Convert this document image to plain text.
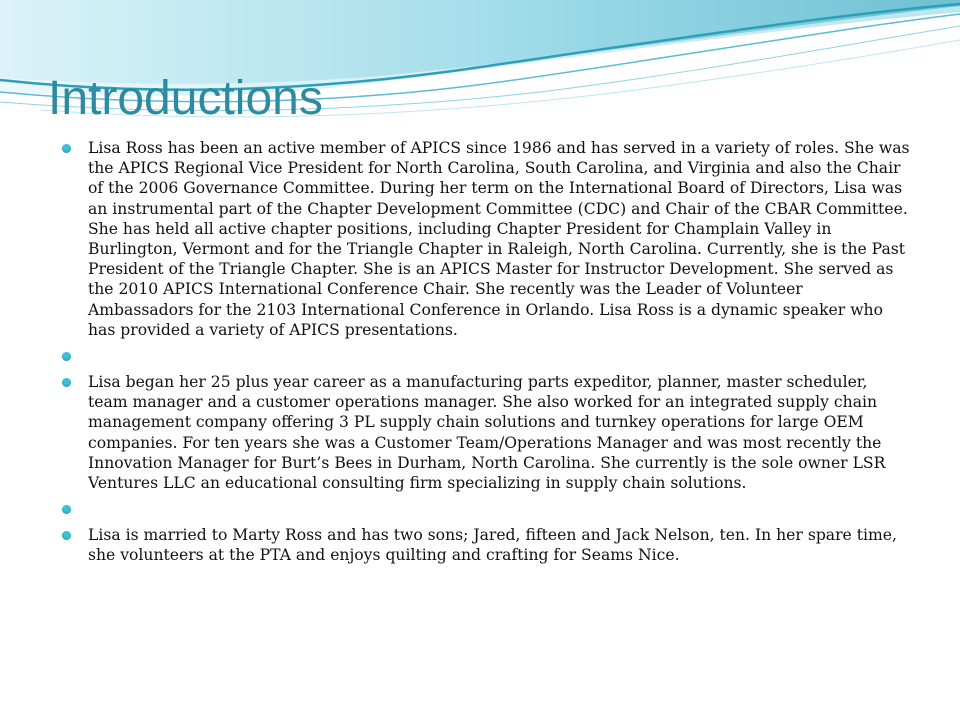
Introductions
Lisa Ross has been an active member of APICS since 1986 and has served in a variety of roles. She was the APICS Regional Vice President for North Carolina, South Carolina, and Virginia and also the Chair of the 2006 Governance Committee. During her term on the International Board of Directors, Lisa was an instrumental part of the Chapter Development Committee (CDC) and Chair of the CBAR Committee. She has held all active chapter positions, including Chapter President for Champlain Valley in Burlington, Vermont and for the Triangle Chapter in Raleigh, North Carolina. Currently, she is the Past President of the Triangle Chapter. She is an APICS Master for Instructor Development. She served as the 2010 APICS International Conference Chair. She recently was the Leader of Volunteer Ambassadors for the 2103 International Conference in Orlando. Lisa Ross is a dynamic speaker who has provided a variety of APICS presentations.
Lisa began her 25 plus year career as a manufacturing parts expeditor, planner, master scheduler, team manager and a customer operations manager. She also worked for an integrated supply chain management company offering 3 PL supply chain solutions and turnkey operations for large OEM companies. For ten years she was a Customer Team/Operations Manager and was most recently the Innovation Manager for Burt’s Bees in Durham, North Carolina. She currently is the sole owner LSR Ventures LLC an educational consulting firm specializing in supply chain solutions.
Lisa is married to Marty Ross and has two sons; Jared, fifteen and Jack Nelson, ten. In her spare time, she volunteers at the PTA and enjoys quilting and crafting for Seams Nice.
